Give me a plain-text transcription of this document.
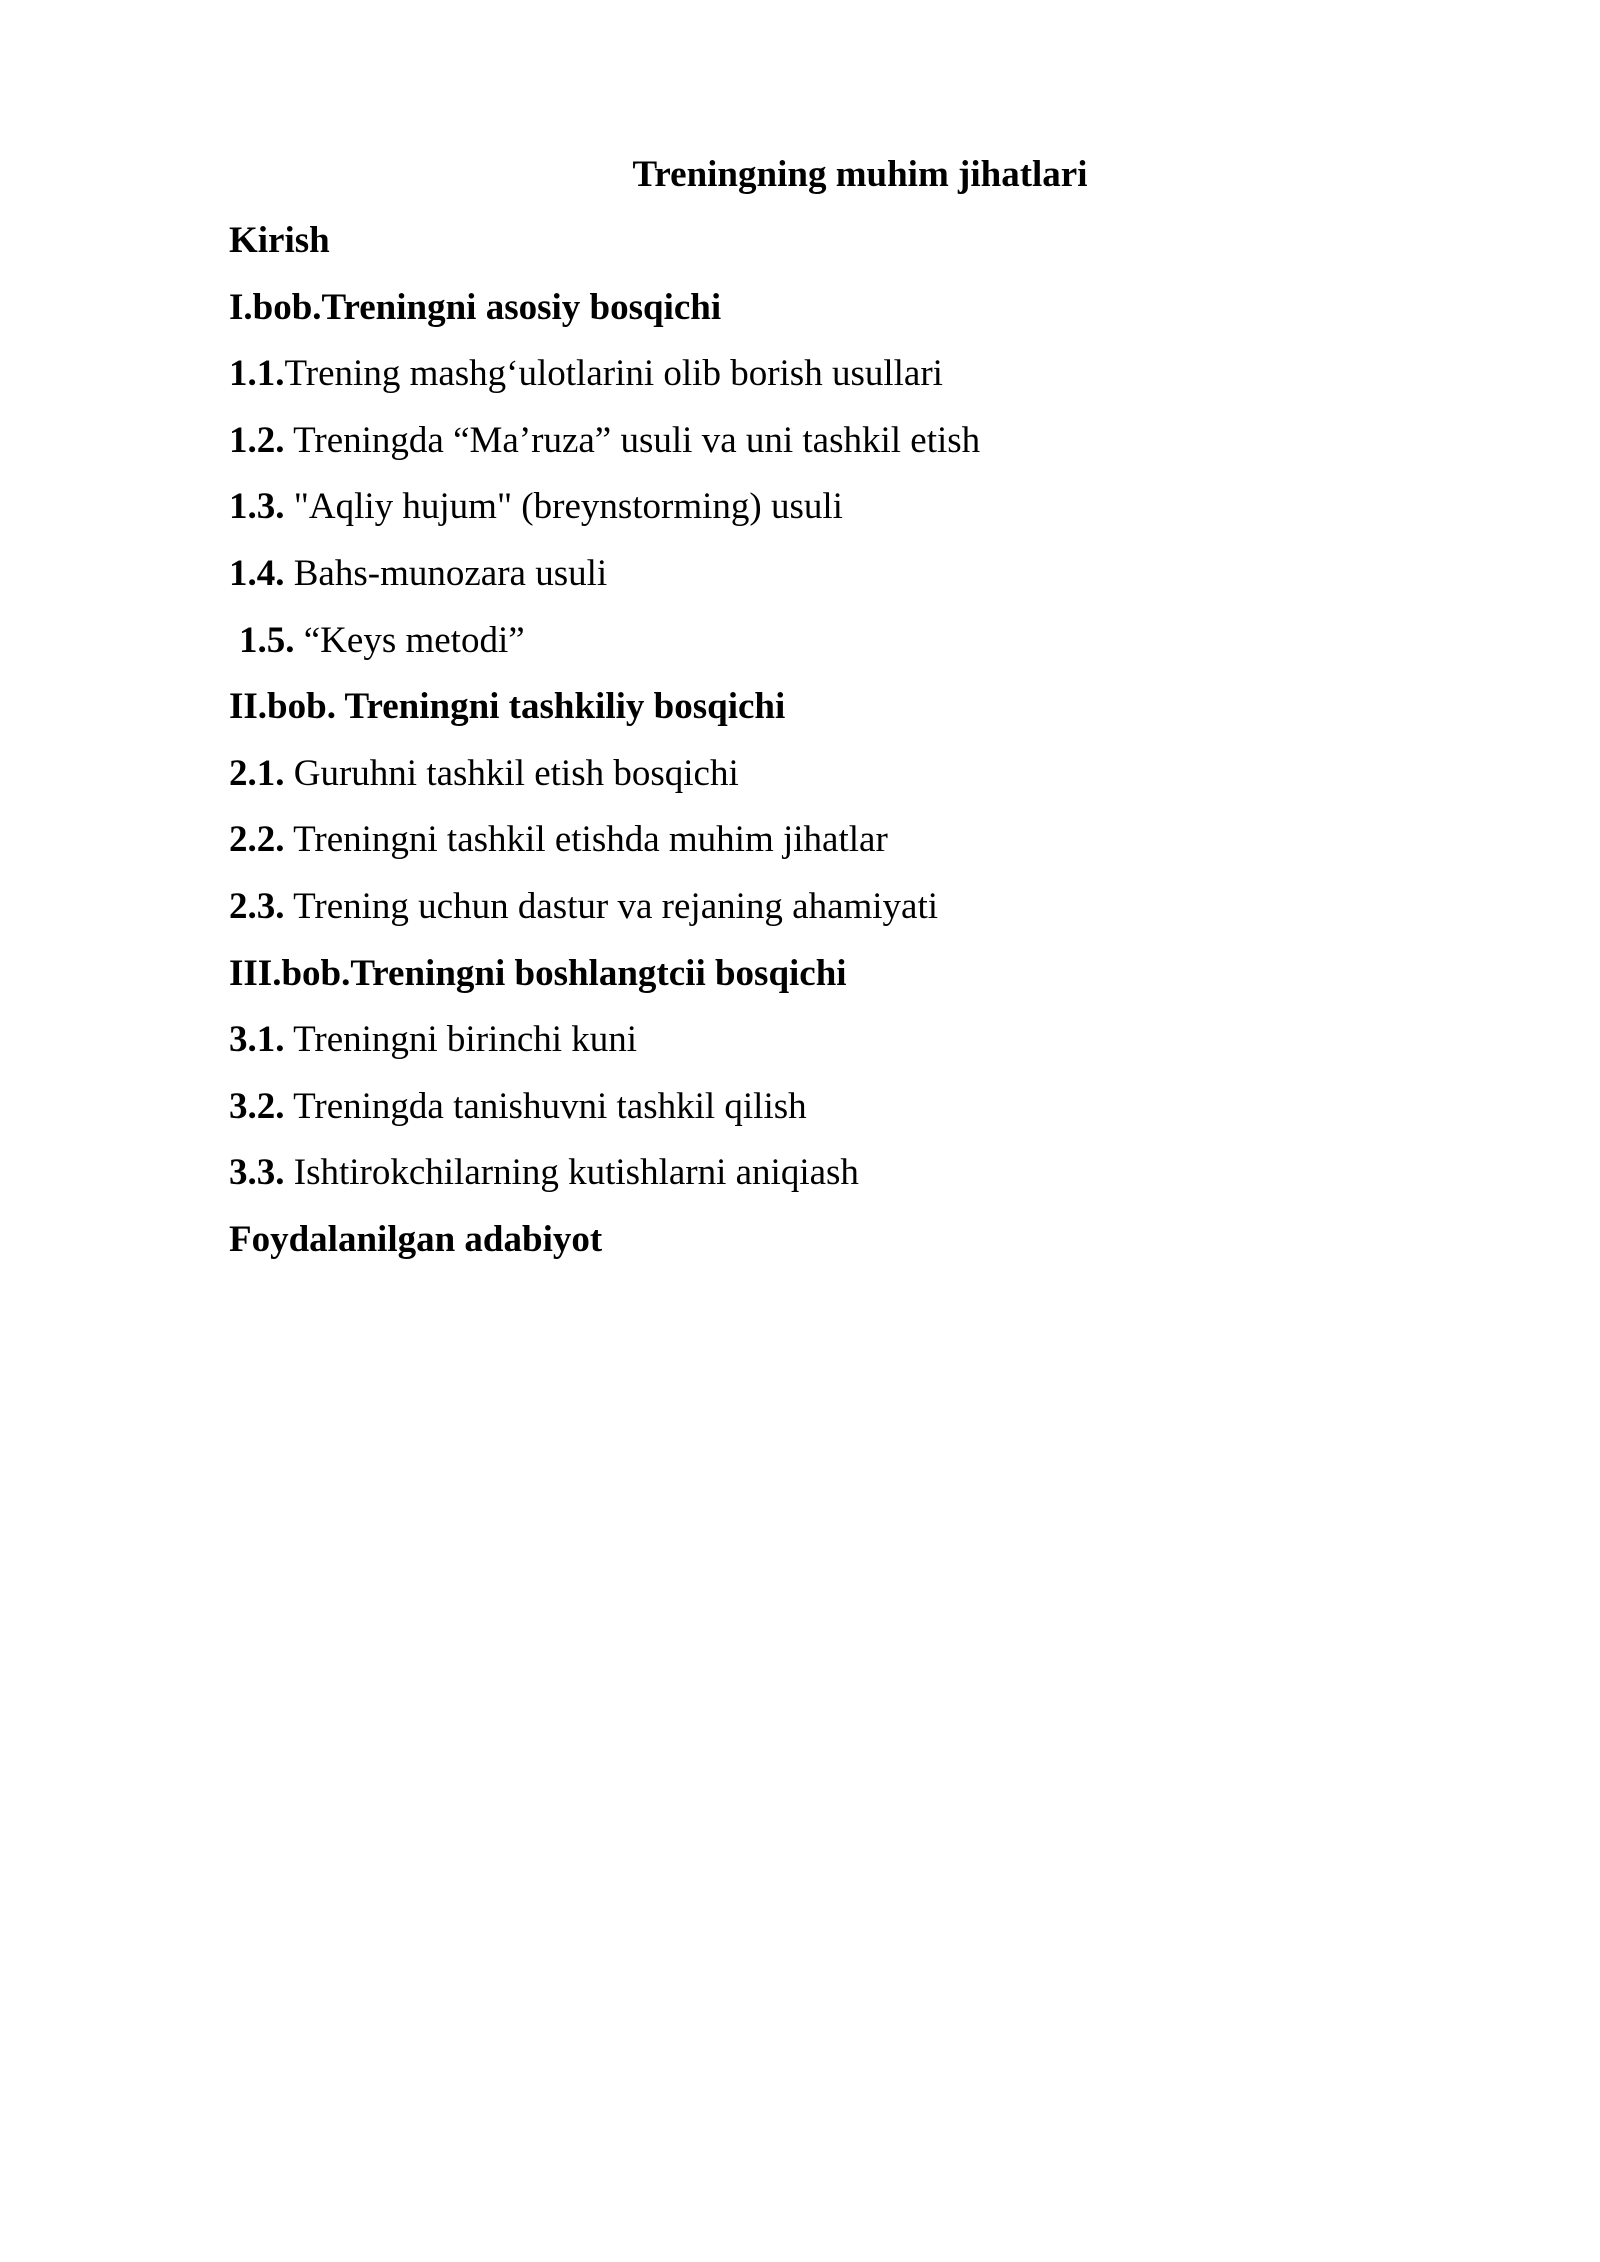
Treningning muhim jihatlari
Kirish
I.bob.Treningni asosiy bosqichi
1.1.Trening mashg‘ulotlarini olib borish usullari
1.2. Treningda “Ma’ruza” usuli va uni tashkil etish
1.3. "Aqliy hujum" (breynstorming) usuli
1.4. Bahs-munozara usuli
1.5. “Keys metodi”
II.bob. Treningni tashkiliy bosqichi
2.1. Guruhni tashkil etish bosqichi
2.2. Treningni tashkil etishda muhim jihatlar
2.3. Trening uchun dastur va rejaning ahamiyati
III.bob.Treningni boshlangtcii bosqichi
3.1. Treningni birinchi kuni
3.2. Treningda tanishuvni tashkil qilish
3.3. Ishtirokchilarning kutishlarni aniqiash
Foydalanilgan adabiyot
